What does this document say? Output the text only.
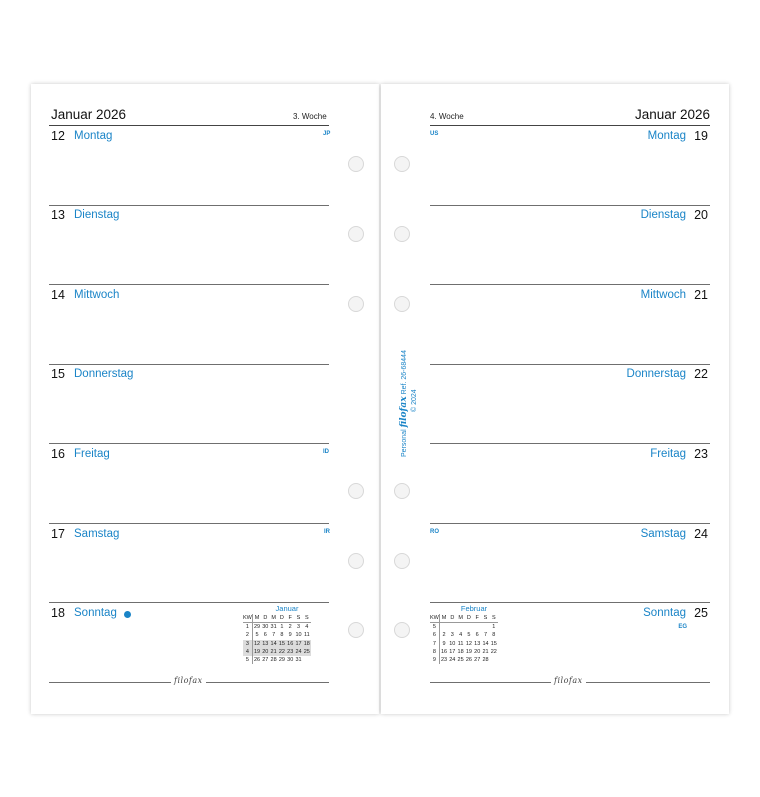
Januar 2026	3. Woche
12 Montag	JP
13 Dienstag
14 Mittwoch
15 Donnerstag
16 Freitag	ID
17 Samstag	IR
18 Sonntag	Januar
KW	M	D	M	D	F	S	S
1	29	30	31	1	2	3	4
2	5	6	7	8	9	10	11
3	12	13	14	15	16	17	18
4	19	20	21	22	23	24	25
5	26	27	28	29	30	31	
filofax
4. Woche	Januar 2026
US	Montag 19
Dienstag 20
Mittwoch 21
Donnerstag 22
Freitag 23
RO	Samstag 24
Februar
KW	M	D	M	D	F	S	S
5							1
6	2	3	4	5	6	7	8
7	9	10	11	12	13	14	15
8	16	17	18	19	20	21	22
9	23	24	25	26	27	28	
Sonntag 25
EG
filofax
Personal filofax Ref. 26-68444
© 2024
